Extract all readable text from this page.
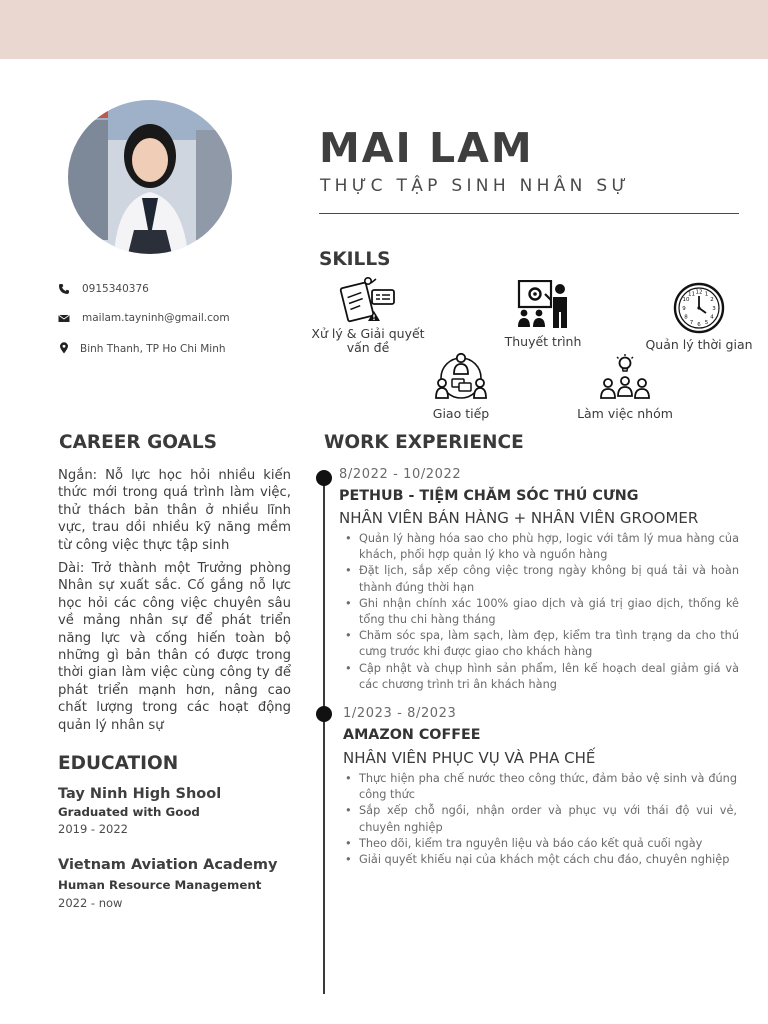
MAI LAM
THỰC TẬP SINH NHÂN SỰ
0915340376
mailam.tayninh@gmail.com
Binh Thanh, TP Ho Chi Minh
SKILLS
Xử lý & Giải quyết
vấn đề	Thuyết trình
12 1
2
3
4
5
6
7
8
9
10
11
Quản lý thời gian
Giao tiếp	Làm việc nhóm
CAREER GOALS

Ngắn: Nỗ lực học hỏi nhiều kiến thức mới trong quá trình làm việc, thử thách bản thân ở nhiều lĩnh vực, trau dồi nhiều kỹ năng mềm từ công việc thực tập sinh

Dài: Trở thành một Trưởng phòng Nhân sự xuất sắc. Cố gắng nỗ lực học hỏi các công việc chuyên sâu về mảng nhân sự để phát triển năng lực và cống hiến toàn bộ những gì bản thân có được trong thời gian làm việc cùng công ty để phát triển mạnh hơn, nâng cao chất lượng trong các hoạt động quản lý nhân sự

EDUCATION
Tay Ninh High Shool
Graduated with Good
2019 - 2022
Vietnam Aviation Academy
Human Resource Management
2022 - now
WORK EXPERIENCE
8/2022 - 10/2022
PETHUB - TIỆM CHĂM SÓC THÚ CƯNG
NHÂN VIÊN BÁN HÀNG + NHÂN VIÊN GROOMER
• Quản lý hàng hóa sao cho phù hợp, logic với tâm lý mua hàng của khách, phối hợp quản lý kho và nguồn hàng
• Đặt lịch, sắp xếp công việc trong ngày không bị quá tải và hoàn thành đúng thời hạn
• Ghi nhận chính xác 100% giao dịch và giá trị giao dịch, thống kê tổng thu chi hàng tháng
• Chăm sóc spa, làm sạch, làm đẹp, kiểm tra tình trạng da cho thú cưng trước khi được giao cho khách hàng
• Cập nhật và chụp hình sản phẩm, lên kế hoạch deal giảm giá và các chương trình tri ân khách hàng
1/2023 - 8/2023
AMAZON COFFEE
NHÂN VIÊN PHỤC VỤ VÀ PHA CHẾ
• Thực hiện pha chế nước theo công thức, đảm bảo vệ sinh và đúng công thức
• Sắp xếp chỗ ngồi, nhận order và phục vụ với thái độ vui vẻ, chuyên nghiệp
• Theo dõi, kiểm tra nguyên liệu và báo cáo kết quả cuối ngày
• Giải quyết khiếu nại của khách một cách chu đáo, chuyên nghiệp
